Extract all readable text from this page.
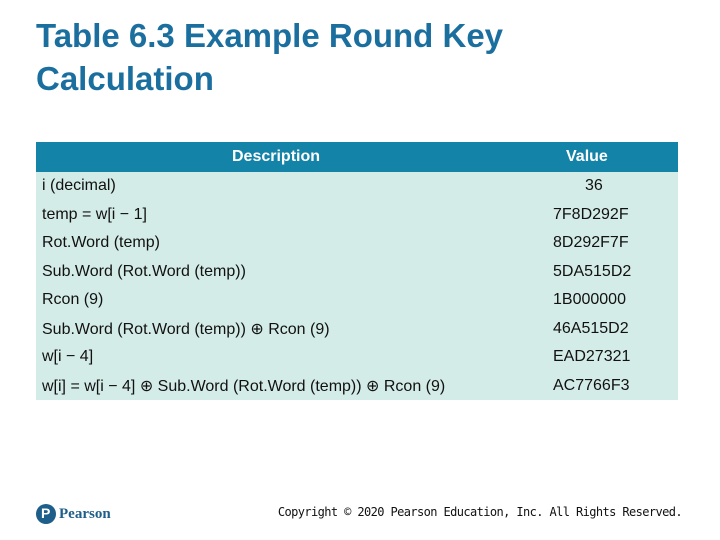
Table 6.3 Example Round Key
Calculation
Description	Value
i (decimal)	36
temp = w[i − 1]	7F8D292F
Rot.Word (temp)	8D292F7F
Sub.Word (Rot.Word (temp))	5DA515D2
Rcon (9)	1B000000
Sub.Word (Rot.Word (temp)) ⊕ Rcon (9)	46A515D2
w[i − 4]	EAD27321
w[i] = w[i − 4] ⊕ Sub.Word (Rot.Word (temp)) ⊕ Rcon (9)	AC7766F3
P
Pearson	Copyright © 2020 Pearson Education, Inc. All Rights Reserved.
